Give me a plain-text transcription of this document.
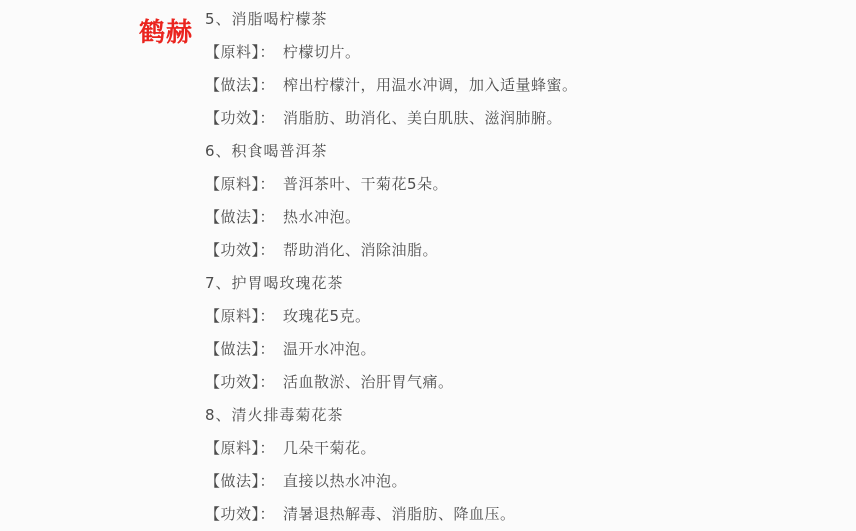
鹤赫 5、消脂喝柠檬茶

【原料】： 柠檬切片。

【做法】： 榨出柠檬汁，用温水冲调，加入适量蜂蜜。

【功效】： 消脂肪、助消化、美白肌肤、滋润肺腑。

6、积食喝普洱茶

【原料】： 普洱茶叶、干菊花5朵。

【做法】： 热水冲泡。

【功效】： 帮助消化、消除油脂。

7、护胃喝玫瑰花茶

【原料】： 玫瑰花5克。

【做法】： 温开水冲泡。

【功效】： 活血散淤、治肝胃气痛。

8、清火排毒菊花茶

【原料】： 几朵干菊花。

【做法】： 直接以热水冲泡。

【功效】： 清暑退热解毒、消脂肪、降血压。
